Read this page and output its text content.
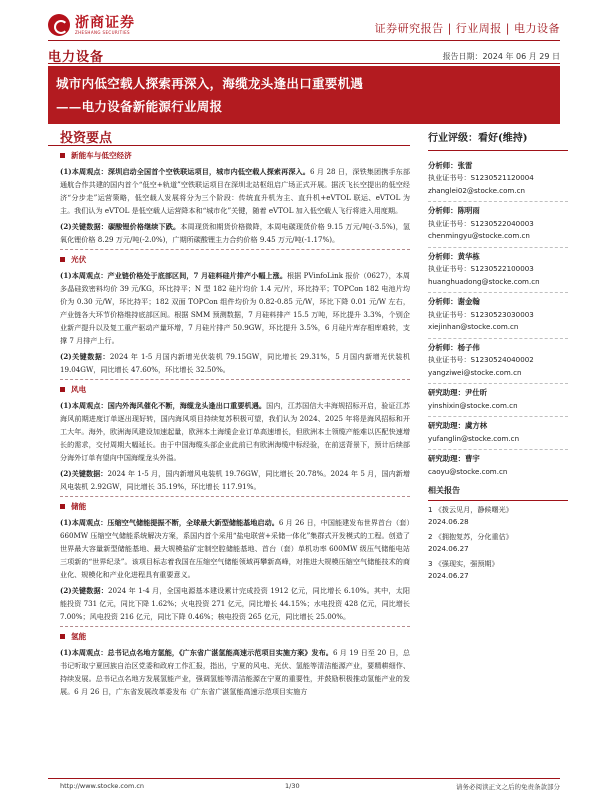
浙商证券
ZHESHANG SECURITIES	证券研究报告 | 行业周报 | 电力设备
电力设备	报告日期：2024 年 06 月 29 日

城市内低空载人探索再深入，海缆龙头逢出口重要机遇

——电力设备新能源行业周报

投资要点
新能车与低空经济
(1)本周观点：深圳启动全国首个空铁联运项目，城市内低空载人探索再深入。6 月 28 日，深铁集团携手东部通航合作共建的国内首个“低空+轨道”空铁联运项目在深圳北站枢纽启广场正式开展。据沃飞长空提出的低空经济“分步走”运营策略，低空载人发展将分为三个阶段：传统直升机为主、直升机+eVTOL 联运、eVTOL 为主。我们认为 eVTOL 是低空载人运营降本和“城市化”关键，随着 eVTOL 加入低空载人飞行将进入用度期。
(2)关键数据：碳酸锂价格继续下跌。本周现货和期货价格微降，本周电碳现货价格 9.15 万元/吨(-3.5%)，氢氧化锂价格 8.29 万元/吨(-2.0%)，广期所碳酸锂主力合约价格 9.45 万元/吨(-1.17%)。
光伏
(1)本周观点：产业链价格处于底部区间，7 月硅料硅片排产小幅上涨。根据 PVinfoLink 报价（0627），本周多晶硅致密料均价 39 元/KG，环比持平；N 型 182 硅片均价 1.4 元/片，环比持平；TOPCon 182 电池片均价为 0.30 元/W，环比持平；182 双面 TOPCon 组件均价为 0.82-0.85 元/W，环比下降 0.01 元/W 左右，产业链各大环节价格维持底部区间。根据 SMM 预测数据，7 月硅料排产 15.5 万吨，环比提升 3.3%，个别企业新产提升以及复工重产驱动产量环增，7 月硅片排产 50.9GW，环比提升 3.5%，6 月硅片库存相库难转，支撑 7 月排产上行。
(2)关键数据：2024 年 1-5 月国内新增光伏装机 79.15GW，同比增长 29.31%，5 月国内新增光伏装机 19.04GW，同比增长 47.60%，环比增长 32.50%。
风电
(1)本周观点：国内外海风催化不断，海缆龙头逢出口重要机遇。国内，江苏国信大丰海规招标开启，验证江苏海风前期进度订单逐出现好转，国内海风项目持续复苏积极可望，我们认为 2024、2025 年将是海风招标和开工大年。海外，欧洲海风建设加速起量，欧洲本土海缆企业订单高速增长，但欧洲本土领缆产能难以匹配快速增长的需求，交付周期大幅延长。由于中国海缆头部企业此前已有欧洲海缆中标经验，在前送背景下，预计后续部分海外订单有望向中国海缆龙头外溢。
(2)关键数据：2024 年 1-5 月，国内新增风电装机 19.76GW，同比增长 20.78%。2024 年 5 月，国内新增风电装机 2.92GW，同比增长 35.19%，环比增长 117.91%。
储能
(1)本周观点：压缩空气储能提振不断，全球最大新型储能基地启动。6 月 26 日，中国能建发布世界首台（套）660MW 压缩空气储能系统解决方案，系国内首个采用“盐电联营+采储一体化”集群式开发模式的工程。创造了世界最大容量新型储能基地、最大规模盐矿定制空腔储能基地、首台（套）单机功率 600MW 级压气储能电站三项新的“世界纪录”。该项目标志着我国在压缩空气储能领域再攀新高峰，对推进大规模压缩空气储能技术的商业化、规模化和产业化进程具有重要意义。
(2)关键数据：2024 年 1-4 月，全国电源基本建设累计完成投资 1912 亿元，同比增长 6.10%。其中，太阳能投资 731 亿元，同比下降 1.62%；火电投资 271 亿元，同比增长 44.15%；水电投资 428 亿元，同比增长 7.00%；风电投资 216 亿元，同比下降 0.46%；核电投资 265 亿元，同比增长 25.00%。
氢能
(1)本周观点：总书记点名地方氢能，《广东省广湛氢能高速示范项目实施方案》发布。6 月 19 日至 20 日，总书记听取宁夏回族自治区党委和政府工作汇报，指出，宁夏的风电、光伏、氢能等清洁能源产业，要精耕细作、持续发展。总书记点名地方发展氢能产业，强调氢能等清洁能源在宁夏的重要性，并鼓励积极推动氢能产业的发展。6 月 26 日，广东省发展改革委发布《广东省广湛氢能高速示范项目实施方
行业评级：看好(维持)
分析师：张雷
执业证书号：S1230521120004
zhanglei02@stocke.com.cn
分析师：陈明雨
执业证书号：S1230522040003
chenmingyu@stocke.com.cn
分析师：黄华栋
执业证书号：S1230522100003
huanghuadong@stocke.com.cn
分析师：谢金翰
执业证书号：S1230523030003
xiejinhan@stocke.com.cn
分析师：杨子伟
执业证书号：S1230524040002
yangziwei@stocke.com.cn
研究助理：尹仕昕
yinshixin@stocke.com.cn
研究助理：虞方林
yufanglin@stocke.com.cn
研究助理：曹宇
caoyu@stocke.com.cn
相关报告
1 《拨云见月，静候曙光》
2024.06.28
2 《拥抱复苏，分化重估》
2024.06.27
3 《强现实，强预期》
2024.06.27
http://www.stocke.com.cn	1/30	请务必阅读正文之后的免责条款部分
